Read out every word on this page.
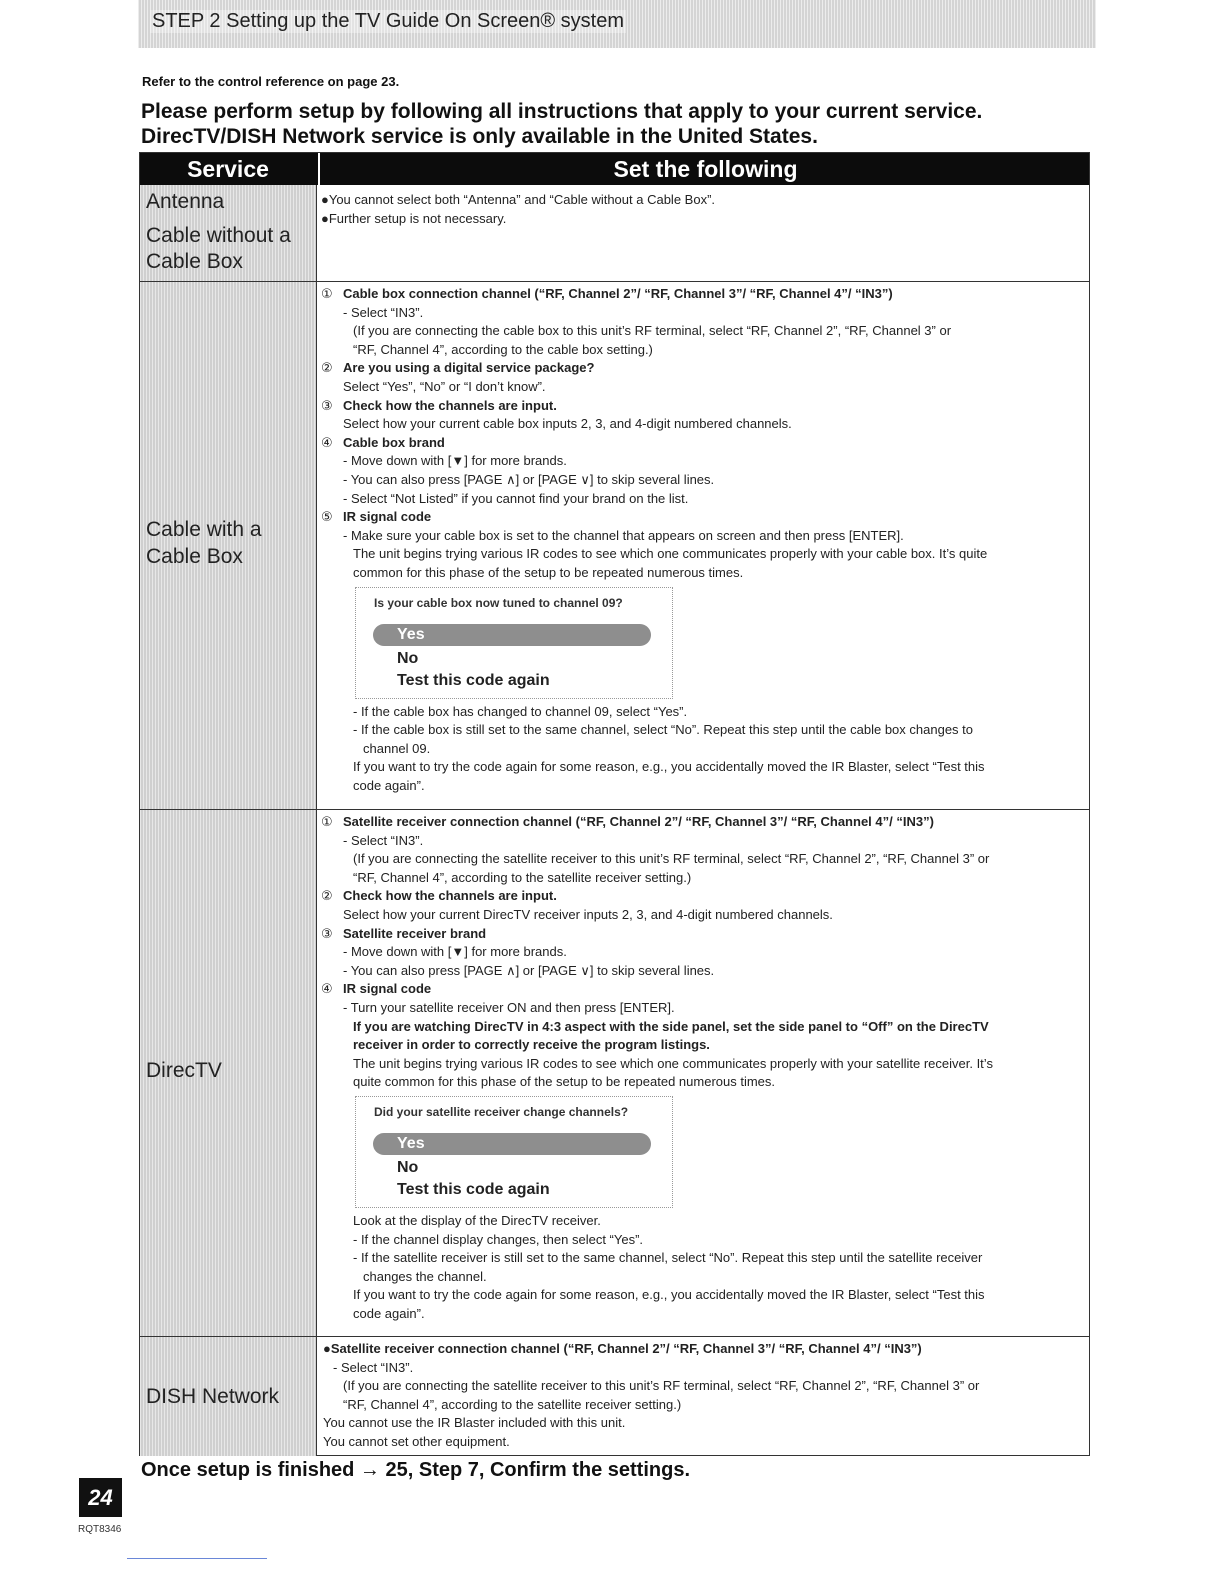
STEP 2 Setting up the TV Guide On Screen® system
Refer to the control reference on page 23.
Please perform setup by following all instructions that apply to your current service.
DirecTV/DISH Network service is only available in the United States.
Service	Set the following
Antenna
Cable without a
Cable Box

●You cannot select both “Antenna” and “Cable without a Cable Box”.

●Further setup is not necessary.

Cable with a
Cable Box

① Cable box connection channel (“RF, Channel 2”/ “RF, Channel 3”/ “RF, Channel 4”/ “IN3”)

- Select “IN3”.

(If you are connecting the cable box to this unit’s RF terminal, select “RF, Channel 2”, “RF, Channel 3” or

“RF, Channel 4”, according to the cable box setting.)

② Are you using a digital service package?

Select “Yes”, “No” or “I don’t know”.

③ Check how the channels are input.

Select how your current cable box inputs 2, 3, and 4-digit numbered channels.

④ Cable box brand

- Move down with [▼] for more brands.

- You can also press [PAGE ∧] or [PAGE ∨] to skip several lines.

- Select “Not Listed” if you cannot find your brand on the list.

⑤ IR signal code

- Make sure your cable box is set to the channel that appears on screen and then press [ENTER].

The unit begins trying various IR codes to see which one communicates properly with your cable box. It’s quite

common for this phase of the setup to be repeated numerous times.

Is your cable box now tuned to channel 09?
Yes
No
Test this code again

- If the cable box has changed to channel 09, select “Yes”.

- If the cable box is still set to the same channel, select “No”. Repeat this step until the cable box changes to

channel 09.

If you want to try the code again for some reason, e.g., you accidentally moved the IR Blaster, select “Test this

code again”.

DirecTV

① Satellite receiver connection channel (“RF, Channel 2”/ “RF, Channel 3”/ “RF, Channel 4”/ “IN3”)

- Select “IN3”.

(If you are connecting the satellite receiver to this unit’s RF terminal, select “RF, Channel 2”, “RF, Channel 3” or

“RF, Channel 4”, according to the satellite receiver setting.)

② Check how the channels are input.

Select how your current DirecTV receiver inputs 2, 3, and 4-digit numbered channels.

③ Satellite receiver brand

- Move down with [▼] for more brands.

- You can also press [PAGE ∧] or [PAGE ∨] to skip several lines.

④ IR signal code

- Turn your satellite receiver ON and then press [ENTER].

If you are watching DirecTV in 4:3 aspect with the side panel, set the side panel to “Off” on the DirecTV

receiver in order to correctly receive the program listings.

The unit begins trying various IR codes to see which one communicates properly with your satellite receiver. It’s

quite common for this phase of the setup to be repeated numerous times.

Did your satellite receiver change channels?
Yes
No
Test this code again

Look at the display of the DirecTV receiver.

- If the channel display changes, then select “Yes”.

- If the satellite receiver is still set to the same channel, select “No”. Repeat this step until the satellite receiver

changes the channel.

If you want to try the code again for some reason, e.g., you accidentally moved the IR Blaster, select “Test this

code again”.

DISH Network

●Satellite receiver connection channel (“RF, Channel 2”/ “RF, Channel 3”/ “RF, Channel 4”/ “IN3”)

- Select “IN3”.

(If you are connecting the satellite receiver to this unit’s RF terminal, select “RF, Channel 2”, “RF, Channel 3” or

“RF, Channel 4”, according to the satellite receiver setting.)

You cannot use the IR Blaster included with this unit.

You cannot set other equipment.

Once setup is finished → 25, Step 7, Confirm the settings.
24
RQT8346
